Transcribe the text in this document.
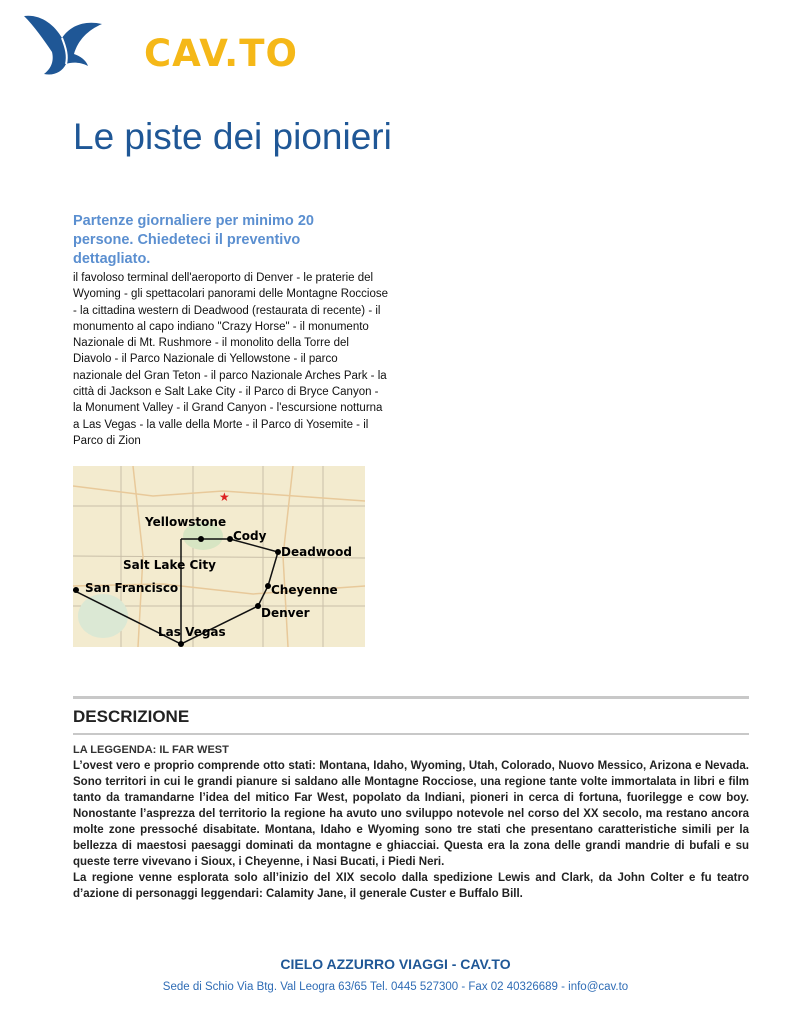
CAV.TO
Le piste dei pionieri

Partenze giornaliere per minimo 20 persone. Chiedeteci il preventivo dettagliato.

il favoloso terminal dell'aeroporto di Denver - le praterie del Wyoming - gli spettacolari panorami delle Montagne Rocciose - la cittadina western di Deadwood (restaurata di recente) - il monumento al capo indiano "Crazy Horse" - il monumento Nazionale di Mt. Rushmore - il monolito della Torre del Diavolo - il Parco Nazionale di Yellowstone - il parco nazionale del Gran Teton - il parco Nazionale Arches Park - la città di Jackson e Salt Lake City - il Parco di Bryce Canyon - la Monument Valley - il Grand Canyon - l'escursione notturna a Las Vegas - la valle della Morte - il Parco di Yosemite - il Parco di Zion

★
Yellowstone
Cody
Deadwood
Salt Lake City
Cheyenne
San Francisco
Denver
Las Vegas
DESCRIZIONE
LA LEGGENDA: IL FAR WEST

L’ovest vero e proprio comprende otto stati: Montana, Idaho, Wyoming, Utah, Colorado, Nuovo Messico, Arizona e Nevada. Sono territori in cui le grandi pianure si saldano alle Montagne Rocciose, una regione tante volte immortalata in libri e film tanto da tramandarne l’idea del mitico Far West, popolato da Indiani, pioneri in cerca di fortuna, fuorilegge e cow boy. Nonostante l’asprezza del territorio la regione ha avuto uno sviluppo notevole nel corso del XX secolo, ma restano ancora molte zone pressoché disabitate. Montana, Idaho e Wyoming sono tre stati che presentano caratteristiche simili per la bellezza di maestosi paesaggi dominati da montagne e ghiacciai. Questa era la zona delle grandi mandrie di bufali e su queste terre vivevano i Sioux, i Cheyenne, i Nasi Bucati, i Piedi Neri.

La regione venne esplorata solo all’inizio del XIX secolo dalla spedizione Lewis and Clark, da John Colter e fu teatro d’azione di personaggi leggendari: Calamity Jane, il generale Custer e Buffalo Bill.

CIELO AZZURRO VIAGGI - CAV.TO

Sede di Schio Via Btg. Val Leogra 63/65 Tel. 0445 527300 - Fax 02 40326689 - info@cav.to
